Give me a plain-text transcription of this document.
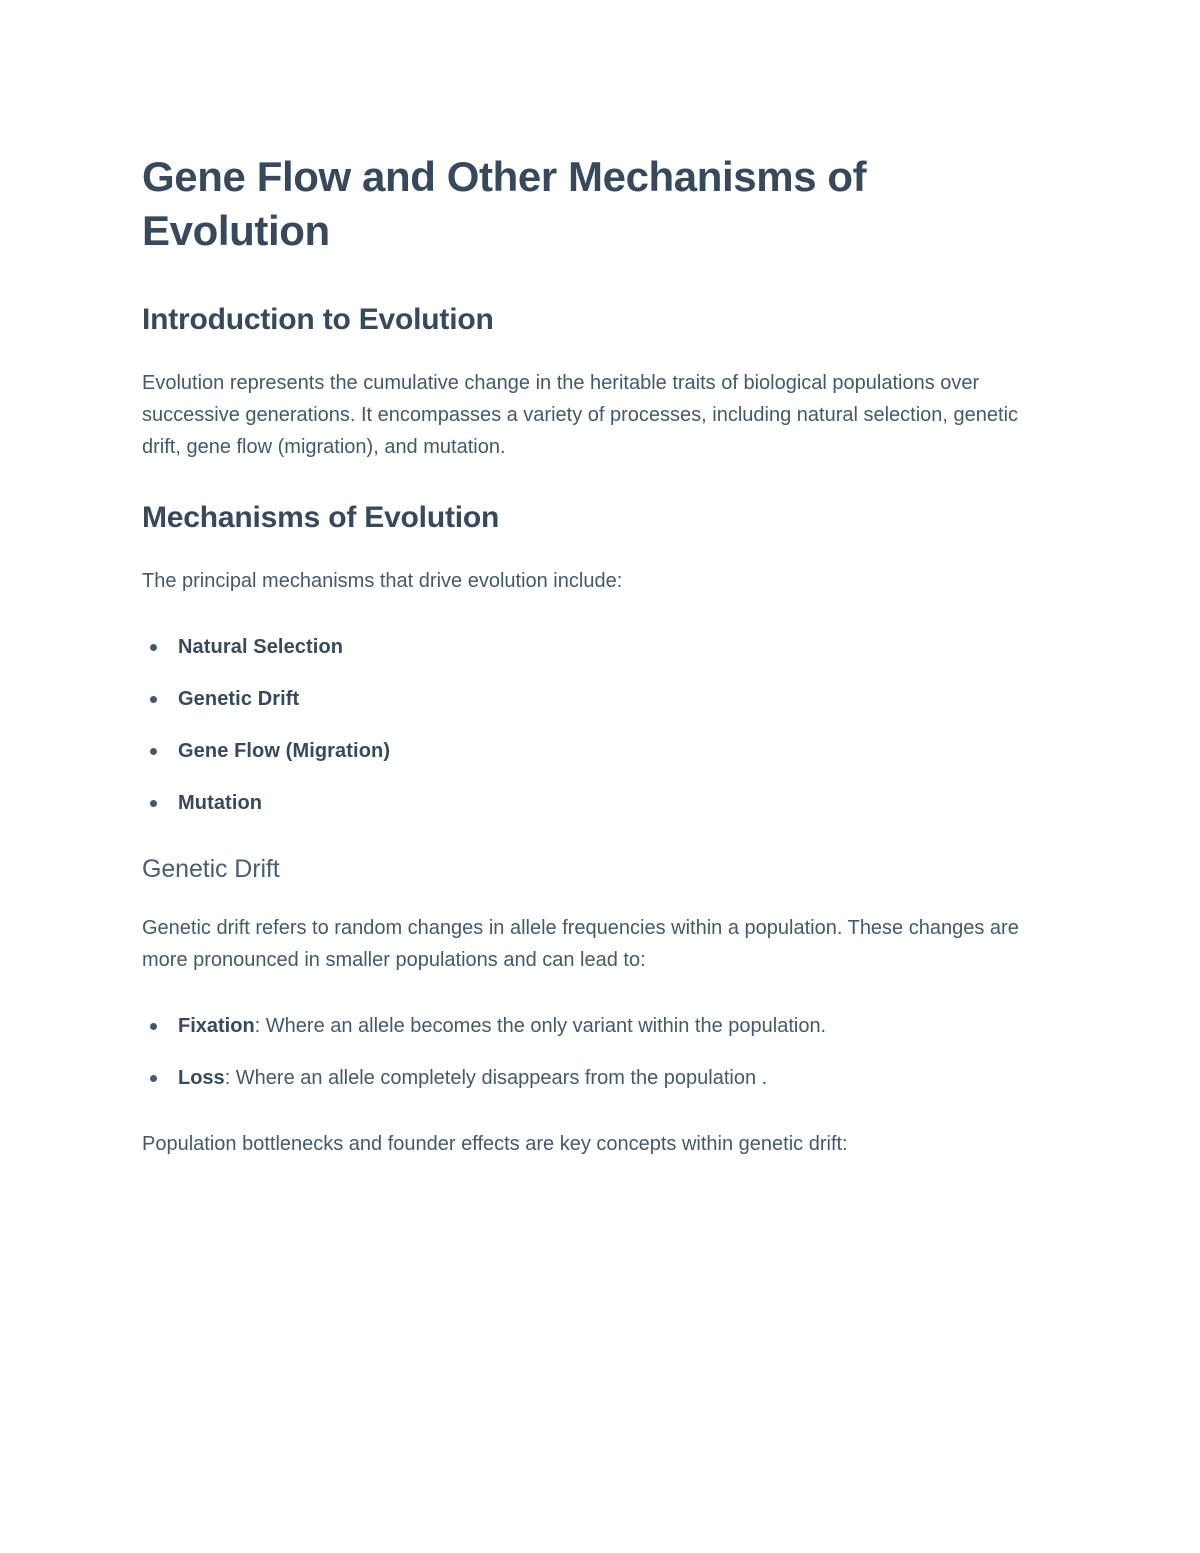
Gene Flow and Other Mechanisms of Evolution
Introduction to Evolution

Evolution represents the cumulative change in the heritable traits of biological populations over successive generations. It encompasses a variety of processes, including natural selection, genetic drift, gene flow (migration), and mutation.

Mechanisms of Evolution

The principal mechanisms that drive evolution include:

Natural Selection
Genetic Drift
Gene Flow (Migration)
Mutation
Genetic Drift

Genetic drift refers to random changes in allele frequencies within a population. These changes are more pronounced in smaller populations and can lead to:

Fixation: Where an allele becomes the only variant within the population.
Loss: Where an allele completely disappears from the population .

Population bottlenecks and founder effects are key concepts within genetic drift:
